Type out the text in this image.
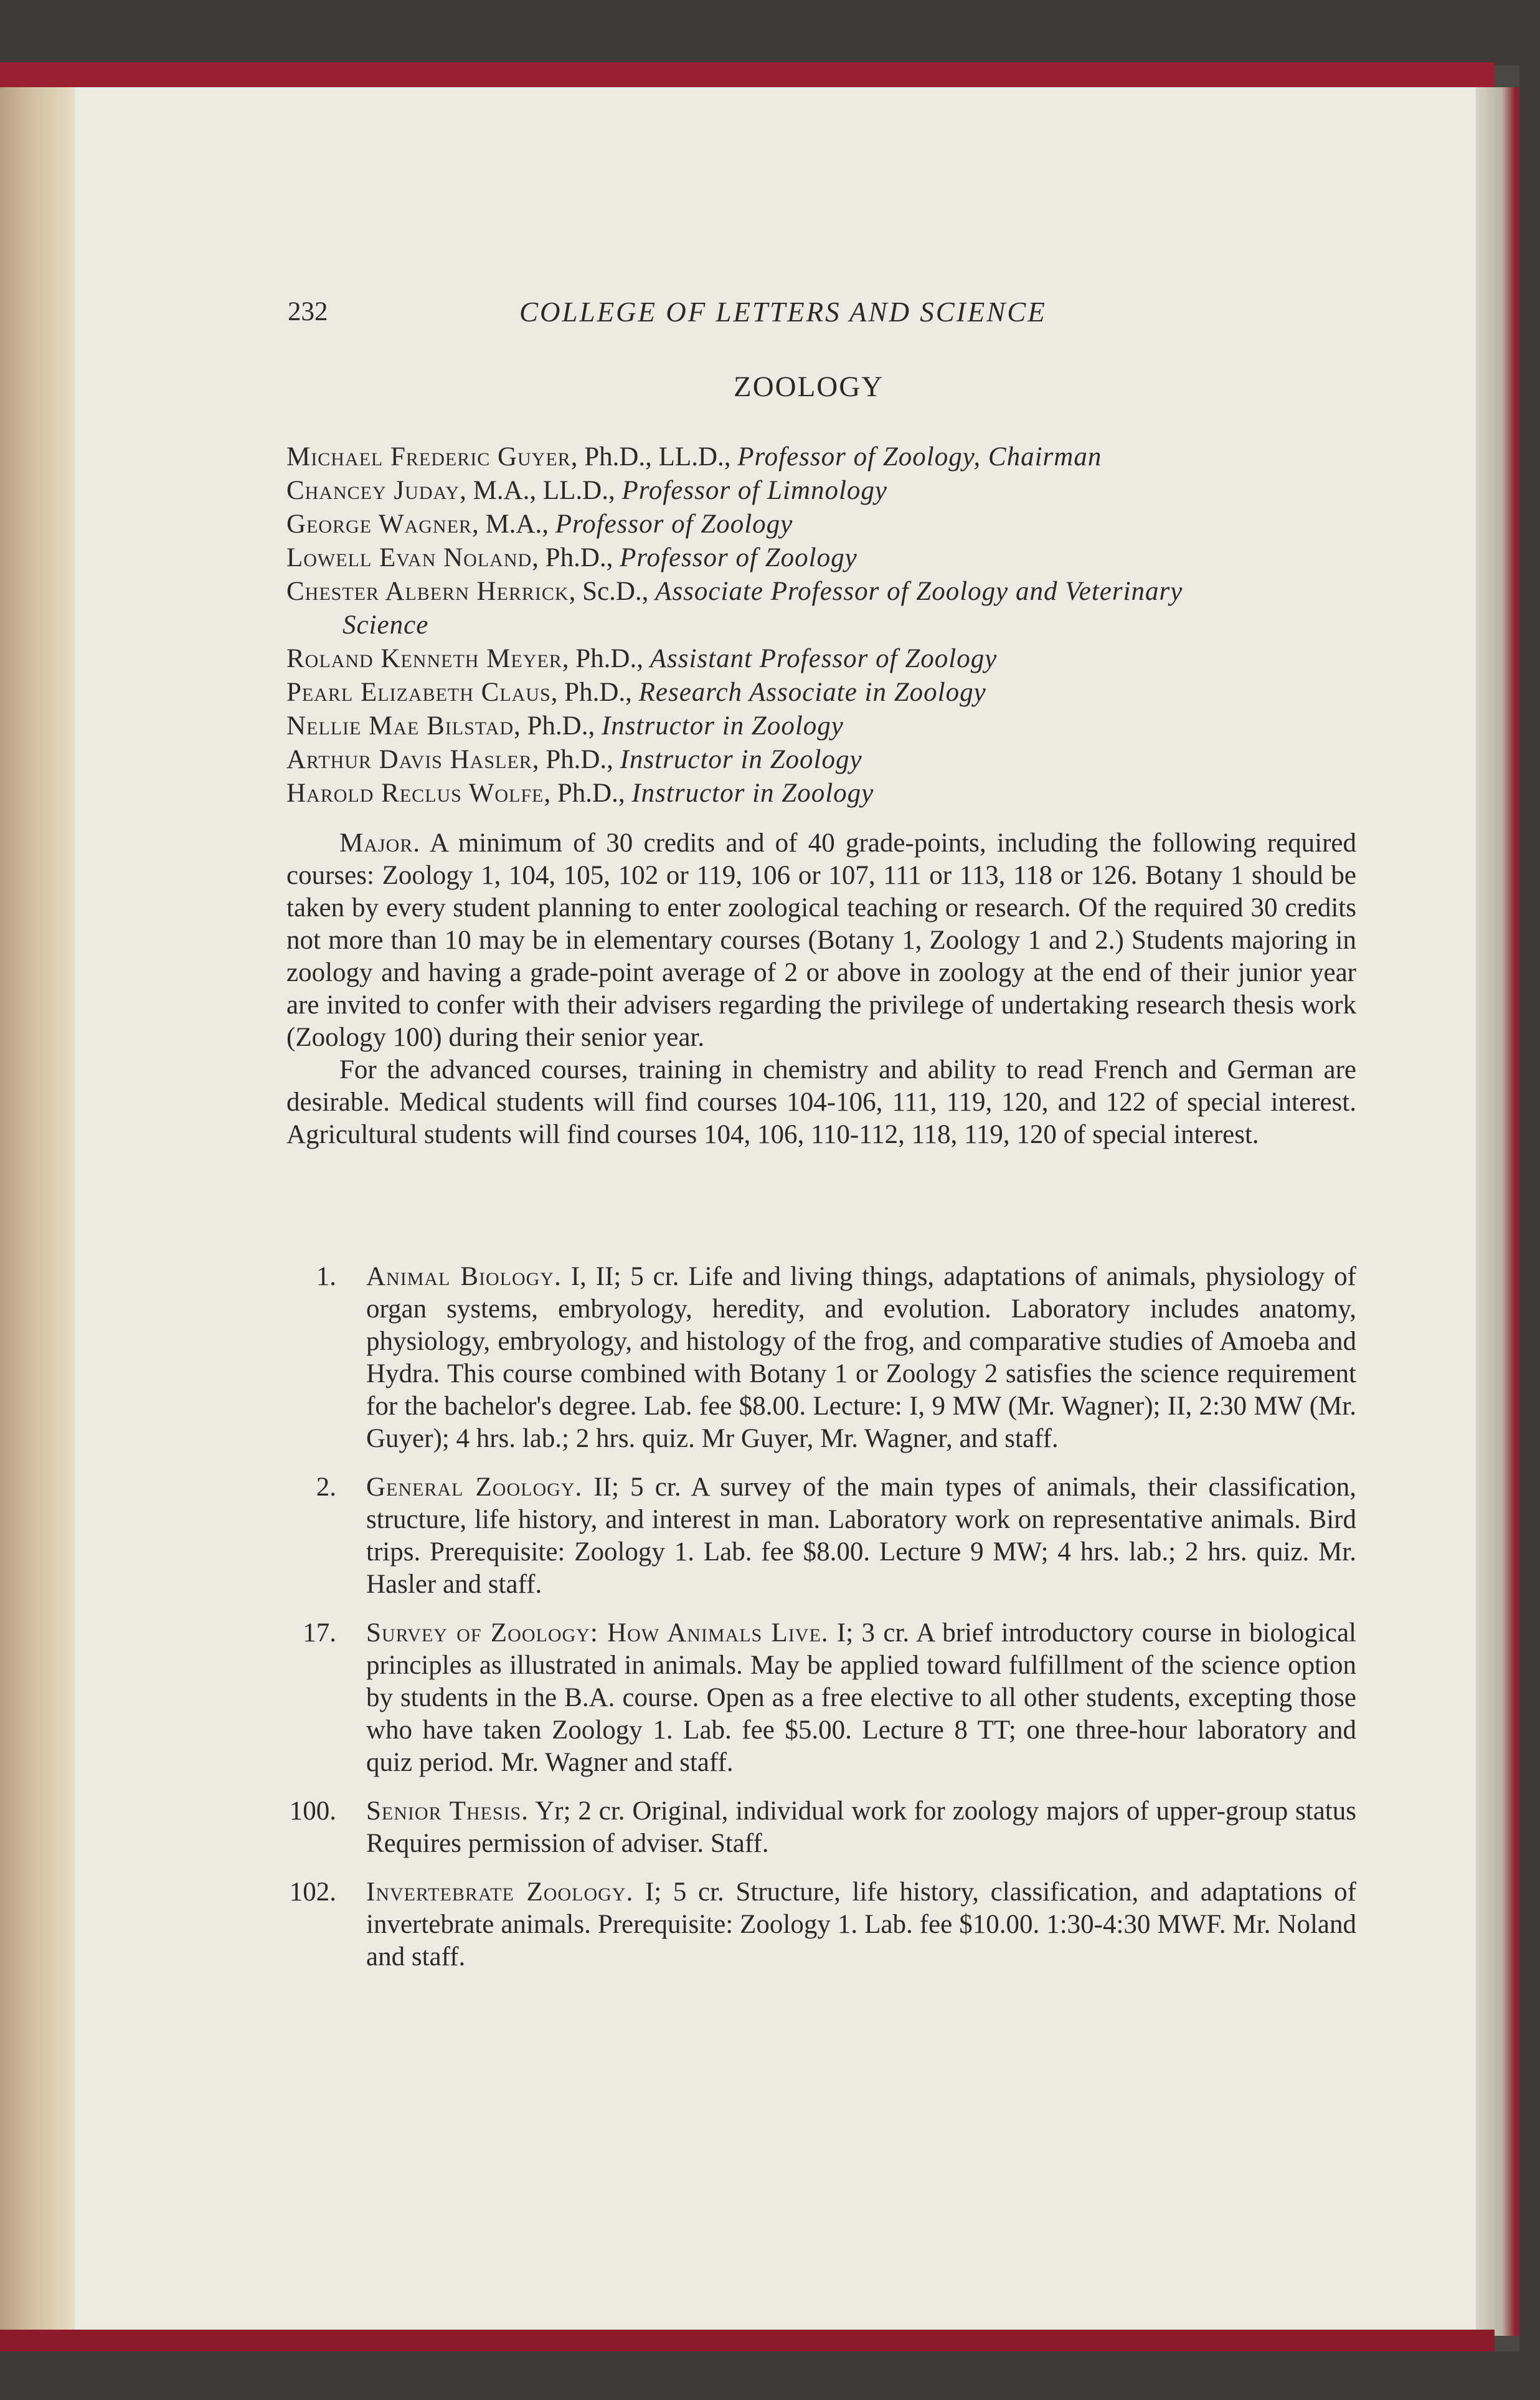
232	COLLEGE OF LETTERS AND SCIENCE
ZOOLOGY
Michael Frederic Guyer, Ph.D., LL.D., Professor of Zoology, Chairman
Chancey Juday, M.A., LL.D., Professor of Limnology
George Wagner, M.A., Professor of Zoology
Lowell Evan Noland, Ph.D., Professor of Zoology
Chester Albern Herrick, Sc.D., Associate Professor of Zoology and Veterinary
Science
Roland Kenneth Meyer, Ph.D., Assistant Professor of Zoology
Pearl Elizabeth Claus, Ph.D., Research Associate in Zoology
Nellie Mae Bilstad, Ph.D., Instructor in Zoology
Arthur Davis Hasler, Ph.D., Instructor in Zoology
Harold Reclus Wolfe, Ph.D., Instructor in Zoology

Major. A minimum of 30 credits and of 40 grade-points, including the following required courses: Zoology 1, 104, 105, 102 or 119, 106 or 107, 111 or 113, 118 or 126. Botany 1 should be taken by every student planning to enter zoological teaching or research. Of the required 30 credits not more than 10 may be in elementary courses (Botany 1, Zoology 1 and 2.) Students majoring in zoology and having a grade-point average of 2 or above in zoology at the end of their junior year are invited to confer with their advisers regarding the privilege of undertaking research thesis work (Zoology 100) during their senior year.

For the advanced courses, training in chemistry and ability to read French and German are desirable. Medical students will find courses 104-106, 111, 119, 120, and 122 of special interest. Agricultural students will find courses 104, 106, 110-112, 118, 119, 120 of special interest.

1. Animal Biology. I, II; 5 cr. Life and living things, adaptations of animals, physiology of organ systems, embryology, heredity, and evolution. Laboratory includes anatomy, physiology, embryology, and histology of the frog, and comparative studies of Amoeba and Hydra. This course combined with Botany 1 or Zoology 2 satisfies the science requirement for the bachelor's degree. Lab. fee $8.00. Lecture: I, 9 MW (Mr. Wagner); II, 2:30 MW (Mr. Guyer); 4 hrs. lab.; 2 hrs. quiz. Mr Guyer, Mr. Wagner, and staff.
2. General Zoology. II; 5 cr. A survey of the main types of animals, their classification, structure, life history, and interest in man. Laboratory work on representative animals. Bird trips. Prerequisite: Zoology 1. Lab. fee $8.00. Lecture 9 MW; 4 hrs. lab.; 2 hrs. quiz. Mr. Hasler and staff.
17. Survey of Zoology: How Animals Live. I; 3 cr. A brief introductory course in biological principles as illustrated in animals. May be applied toward fulfillment of the science option by students in the B.A. course. Open as a free elective to all other students, excepting those who have taken Zoology 1. Lab. fee $5.00. Lecture 8 TT; one three-hour laboratory and quiz period. Mr. Wagner and staff.
100. Senior Thesis. Yr; 2 cr. Original, individual work for zoology majors of upper-group status Requires permission of adviser. Staff.
102. Invertebrate Zoology. I; 5 cr. Structure, life history, classification, and adaptations of invertebrate animals. Prerequisite: Zoology 1. Lab. fee $10.00. 1:30-4:30 MWF. Mr. Noland and staff.
